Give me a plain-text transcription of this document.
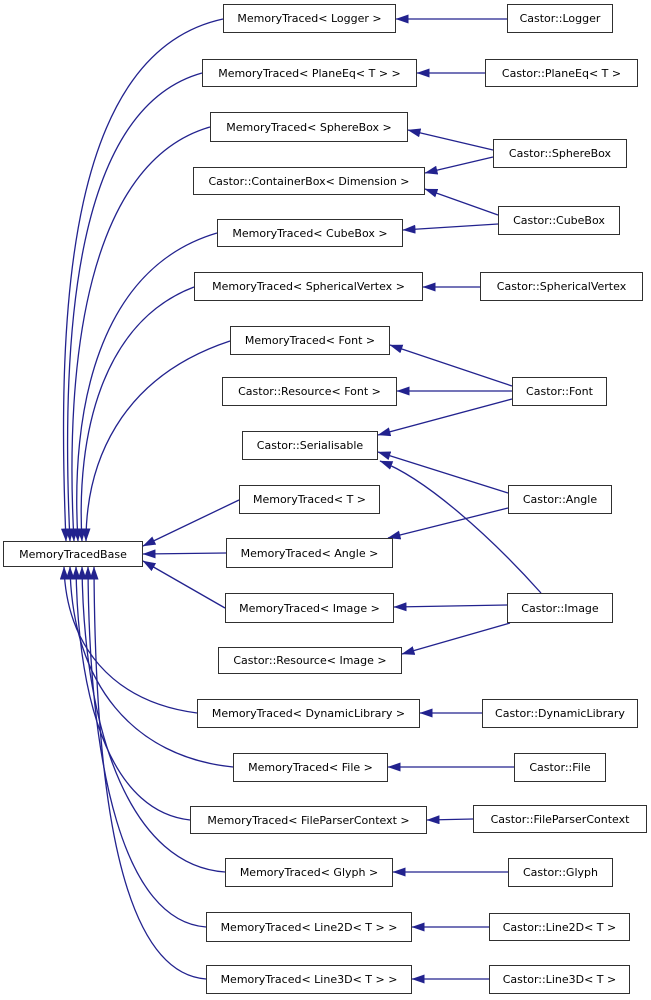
MemoryTracedBase
MemoryTraced< Logger >	Castor::Logger
MemoryTraced< PlaneEq< T > >	Castor::PlaneEq< T >
MemoryTraced< SphereBox >
Castor::SphereBox
Castor::ContainerBox< Dimension >
Castor::CubeBox
MemoryTraced< CubeBox >
MemoryTraced< SphericalVertex >	Castor::SphericalVertex
MemoryTraced< Font >
Castor::Resource< Font >	Castor::Font
Castor::Serialisable
MemoryTraced< T >	Castor::Angle
MemoryTraced< Angle >
MemoryTraced< Image >	Castor::Image
Castor::Resource< Image >
MemoryTraced< DynamicLibrary >	Castor::DynamicLibrary
MemoryTraced< File >	Castor::File
MemoryTraced< FileParserContext >	Castor::FileParserContext
MemoryTraced< Glyph >	Castor::Glyph
MemoryTraced< Line2D< T > >	Castor::Line2D< T >
MemoryTraced< Line3D< T > >	Castor::Line3D< T >
